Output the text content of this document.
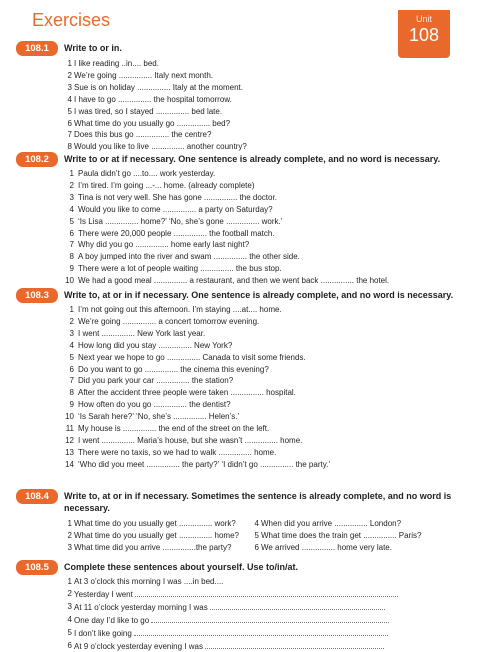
Exercises	Unit
108
108.1	Write to or in.
1 I like reading ..in.... bed.
2 We’re going ............... Italy next month.
3 Sue is on holiday ............... Italy at the moment.
4 I have to go ............... the hospital tomorrow.
5 I was tired, so I stayed ............... bed late.
6 What time do you usually go ............... bed?
7 Does this bus go ............... the centre?
8 Would you like to live ............... another country?
108.2	Write to or at if necessary. One sentence is already complete, and no word is necessary.
1 Paula didn’t go ....to.... work yesterday.
2 I’m tired. I’m going ...-... home. (already complete)
3 Tina is not very well. She has gone ............... the doctor.
4 Would you like to come ............... a party on Saturday?
5 ‘Is Lisa ............... home?’ ‘No, she’s gone ............... work.’
6 There were 20,000 people ............... the football match.
7 Why did you go ............... home early last night?
8 A boy jumped into the river and swam ............... the other side.
9 There were a lot of people waiting ............... the bus stop.
10 We had a good meal ............... a restaurant, and then we went back ............... the hotel.
108.3	Write to, at or in if necessary. One sentence is already complete, and no word is necessary.
1 I’m not going out this afternoon. I’m staying ....at.... home.
2 We’re going ............... a concert tomorrow evening.
3 I went ............... New York last year.
4 How long did you stay ............... New York?
5 Next year we hope to go ............... Canada to visit some friends.
6 Do you want to go ............... the cinema this evening?
7 Did you park your car ............... the station?
8 After the accident three people were taken ............... hospital.
9 How often do you go ............... the dentist?
10 ‘Is Sarah here?’ ‘No, she’s ............... Helen’s.’
11 My house is ............... the end of the street on the left.
12 I went ............... Maria’s house, but she wasn’t ............... home.
13 There were no taxis, so we had to walk ............... home.
14 ‘Who did you meet ............... the party?’ ‘I didn’t go ............... the party.’
108.4	Write to, at or in if necessary. Sometimes the sentence is already complete, and no word is necessary.
1 What time do you usually get ............... work?
2 What time do you usually get ............... home?
3 What time did you arrive ...............the party?
4 When did you arrive ............... London?
5 What time does the train get ............... Paris?
6 We arrived ............... home very late.
108.5	Complete these sentences about yourself. Use to/in/at.
1 At 3 o’clock this morning I was ....in bed....
2 Yesterday I went
3 At 11 o’clock yesterday morning I was
4 One day I’d like to go
5 I don’t like going
6 At 9 o’clock yesterday evening I was
